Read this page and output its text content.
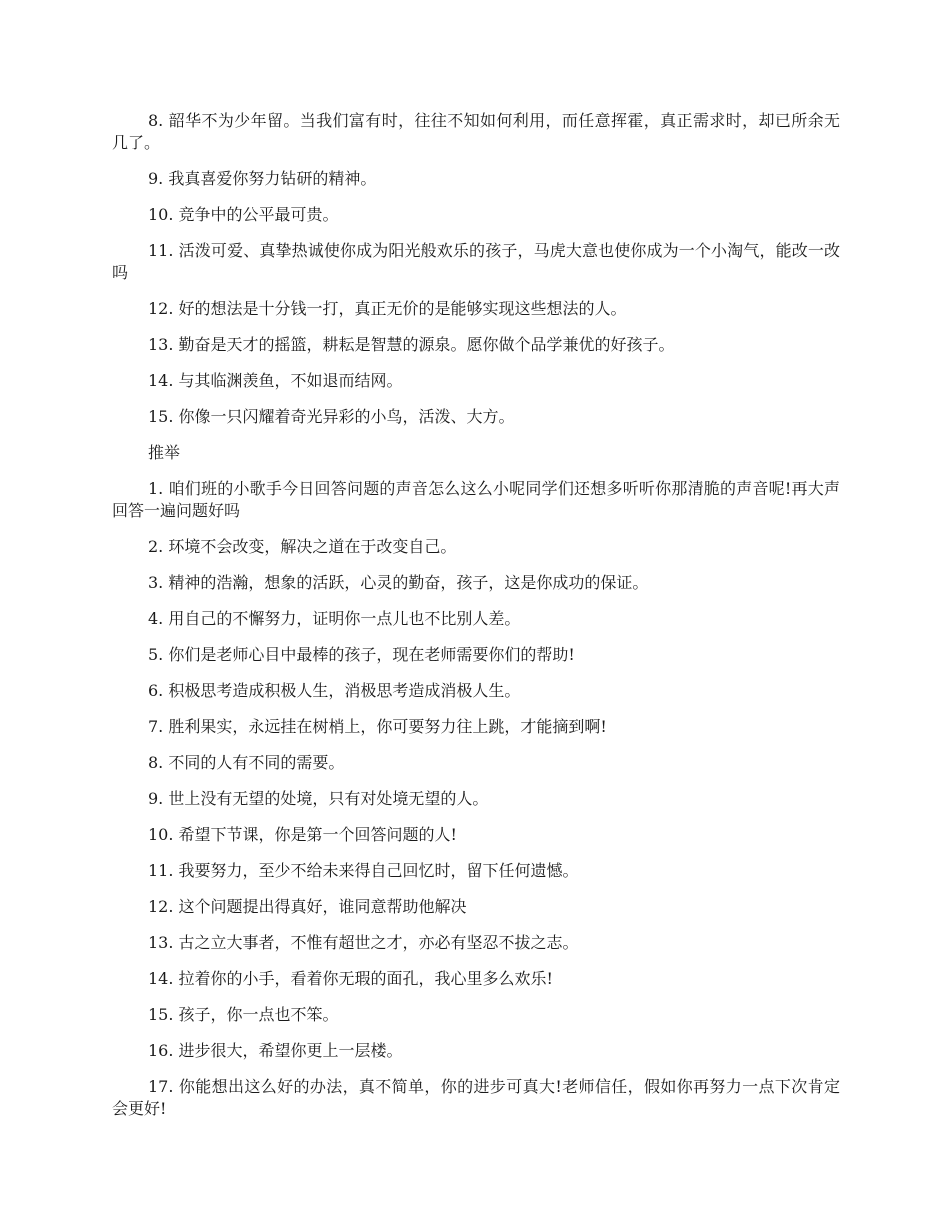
8. 韶华不为少年留。当我们富有时，往往不知如何利用，而任意挥霍，真正需求时，却已所余无几了。

9. 我真喜爱你努力钻研的精神。

10. 竞争中的公平最可贵。

11. 活泼可爱、真挚热诚使你成为阳光般欢乐的孩子，马虎大意也使你成为一个小淘气，能改一改吗

12. 好的想法是十分钱一打，真正无价的是能够实现这些想法的人。

13. 勤奋是天才的摇篮，耕耘是智慧的源泉。愿你做个品学兼优的好孩子。

14. 与其临渊羡鱼，不如退而结网。

15. 你像一只闪耀着奇光异彩的小鸟，活泼、大方。

推举

1. 咱们班的小歌手今日回答问题的声音怎么这么小呢同学们还想多听听你那清脆的声音呢!再大声回答一遍问题好吗

2. 环境不会改变，解决之道在于改变自己。

3. 精神的浩瀚，想象的活跃，心灵的勤奋，孩子，这是你成功的保证。

4. 用自己的不懈努力，证明你一点儿也不比别人差。

5. 你们是老师心目中最棒的孩子，现在老师需要你们的帮助!

6. 积极思考造成积极人生，消极思考造成消极人生。

7. 胜利果实，永远挂在树梢上，你可要努力往上跳，才能摘到啊!

8. 不同的人有不同的需要。

9. 世上没有无望的处境，只有对处境无望的人。

10. 希望下节课，你是第一个回答问题的人!

11. 我要努力，至少不给未来得自己回忆时，留下任何遗憾。

12. 这个问题提出得真好，谁同意帮助他解决

13. 古之立大事者，不惟有超世之才，亦必有坚忍不拔之志。

14. 拉着你的小手，看着你无瑕的面孔，我心里多么欢乐!

15. 孩子，你一点也不笨。

16. 进步很大，希望你更上一层楼。

17. 你能想出这么好的办法，真不简单，你的进步可真大!老师信任，假如你再努力一点下次肯定会更好!
